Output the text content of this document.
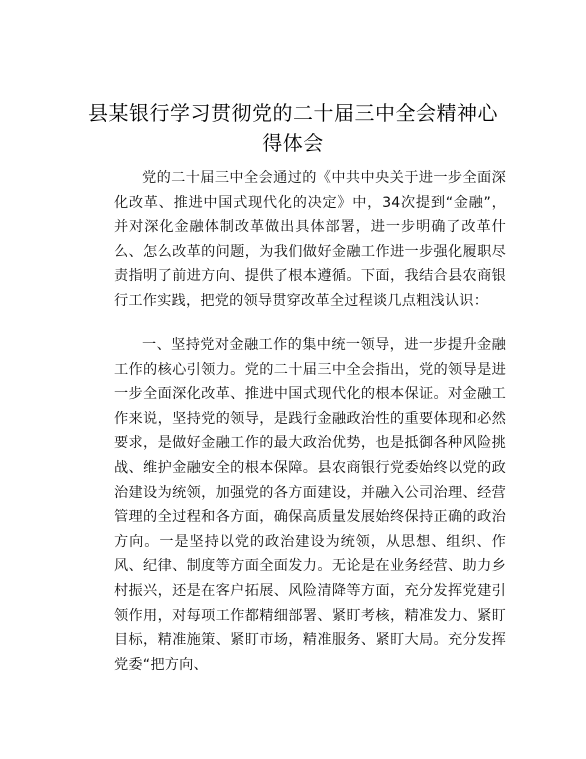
县某银行学习贯彻党的二十届三中全会精神心得体会
党的二十届三中全会通过的《中共中央关于进一步全面深化改革、推进中国式现代化的决定》中，34次提到“金融”，并对深化金融体制改革做出具体部署，进一步明确了改革什么、怎么改革的问题，为我们做好金融工作进一步强化履职尽责指明了前进方向、提供了根本遵循。下面，我结合县农商银行工作实践，把党的领导贯穿改革全过程谈几点粗浅认识：
一、坚持党对金融工作的集中统一领导，进一步提升金融工作的核心引领力。党的二十届三中全会指出，党的领导是进一步全面深化改革、推进中国式现代化的根本保证。对金融工作来说，坚持党的领导，是践行金融政治性的重要体现和必然要求，是做好金融工作的最大政治优势，也是抵御各种风险挑战、维护金融安全的根本保障。县农商银行党委始终以党的政治建设为统领，加强党的各方面建设，并融入公司治理、经营管理的全过程和各方面，确保高质量发展始终保持正确的政治方向。一是坚持以党的政治建设为统领，从思想、组织、作风、纪律、制度等方面全面发力。无论是在业务经营、助力乡村振兴，还是在客户拓展、风险清降等方面，充分发挥党建引领作用，对每项工作都精细部署、紧盯考核，精准发力、紧盯目标，精准施策、紧盯市场，精准服务、紧盯大局。充分发挥党委“把方向、
